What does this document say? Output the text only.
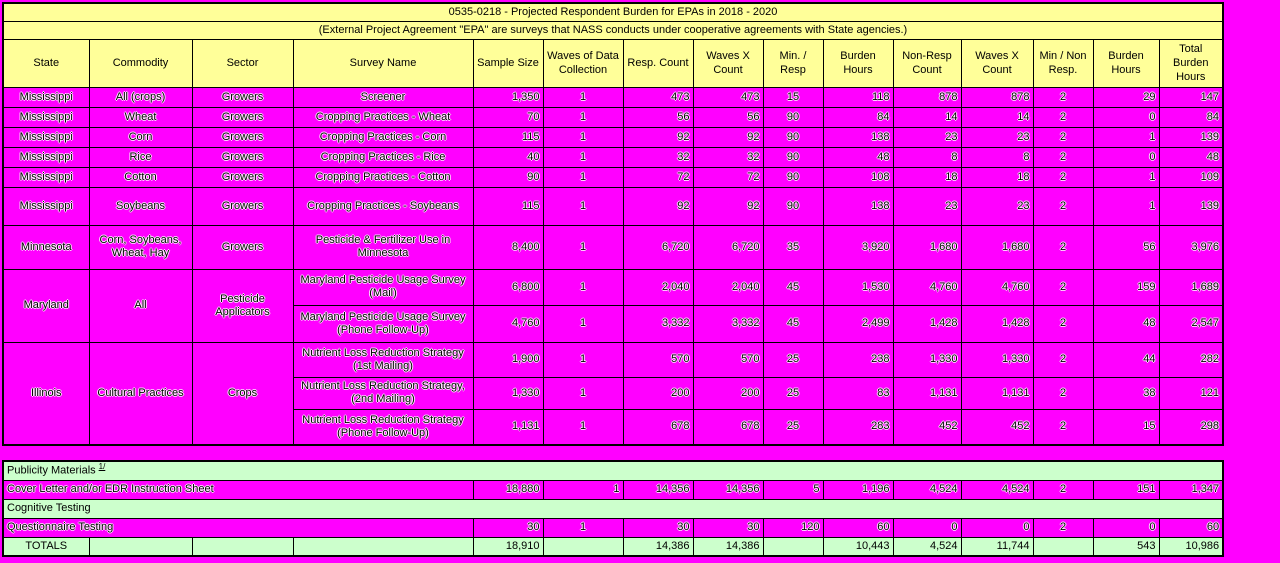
0535-0218 - Projected Respondent Burden for EPAs in 2018 - 2020														
(External Project Agreement "EPA" are surveys that NASS conducts under cooperative agreements with State agencies.)														
State	Commodity	Sector	Survey Name	Sample Size	Waves of Data Collection	Resp. Count	Waves X Count	Min. / Resp	Burden Hours	Non-Resp Count	Waves X Count	Min / Non Resp.	Burden Hours	Total Burden Hours
Mississippi	All (crops)	Growers	Screener	1,350	1	473	473	15	118	878	878	2	29	147
Mississippi	Wheat	Growers	Cropping Practices - Wheat	70	1	56	56	90	84	14	14	2	0	84
Mississippi	Corn	Growers	Cropping Practices - Corn	115	1	92	92	90	138	23	23	2	1	139
Mississippi	Rice	Growers	Cropping Practices - Rice	40	1	32	32	90	48	8	8	2	0	48
Mississippi	Cotton	Growers	Cropping Practices - Cotton	90	1	72	72	90	108	18	18	2	1	109
Mississippi	Soybeans	Growers	Cropping Practices - Soybeans	115	1	92	92	90	138	23	23	2	1	139
Minnesota	Corn, Soybeans, Wheat, Hay	Growers	Pesticide & Fertilizer Use in Minnesota	8,400	1	6,720	6,720	35	3,920	1,680	1,680	2	56	3,976
Maryland	All	Pesticide Applicators	Maryland Pesticide Usage Survey (Mail)	6,800	1	2,040	2,040	45	1,530	4,760	4,760	2	159	1,689
			Maryland Pesticide Usage Survey (Phone Follow-Up)	4,760	1	3,332	3,332	45	2,499	1,428	1,428	2	48	2,547
Illinois	Cultural Practices	Crops	Nutrient Loss Reduction Strategy (1st Mailing)	1,900	1	570	570	25	238	1,330	1,330	2	44	282
			Nutrient Loss Reduction Strategy, (2nd Mailing)	1,330	1	200	200	25	83	1,131	1,131	2	38	121
			Nutrient Loss Reduction Strategy (Phone Follow-Up)	1,131	1	678	678	25	283	452	452	2	15	298
Publicity Materials $^{1/}$
Cover Letter and/or EDR Instruction Sheet				18,880	1	14,356	14,356	5	1,196	4,524	4,524	2	151	1,347
Cognitive Testing														
Questionnaire Testing				30	1	30	30	120	60	0	0	2	0	60
TOTALS				18,910		14,386	14,386		10,443	4,524	11,744		543	10,986
